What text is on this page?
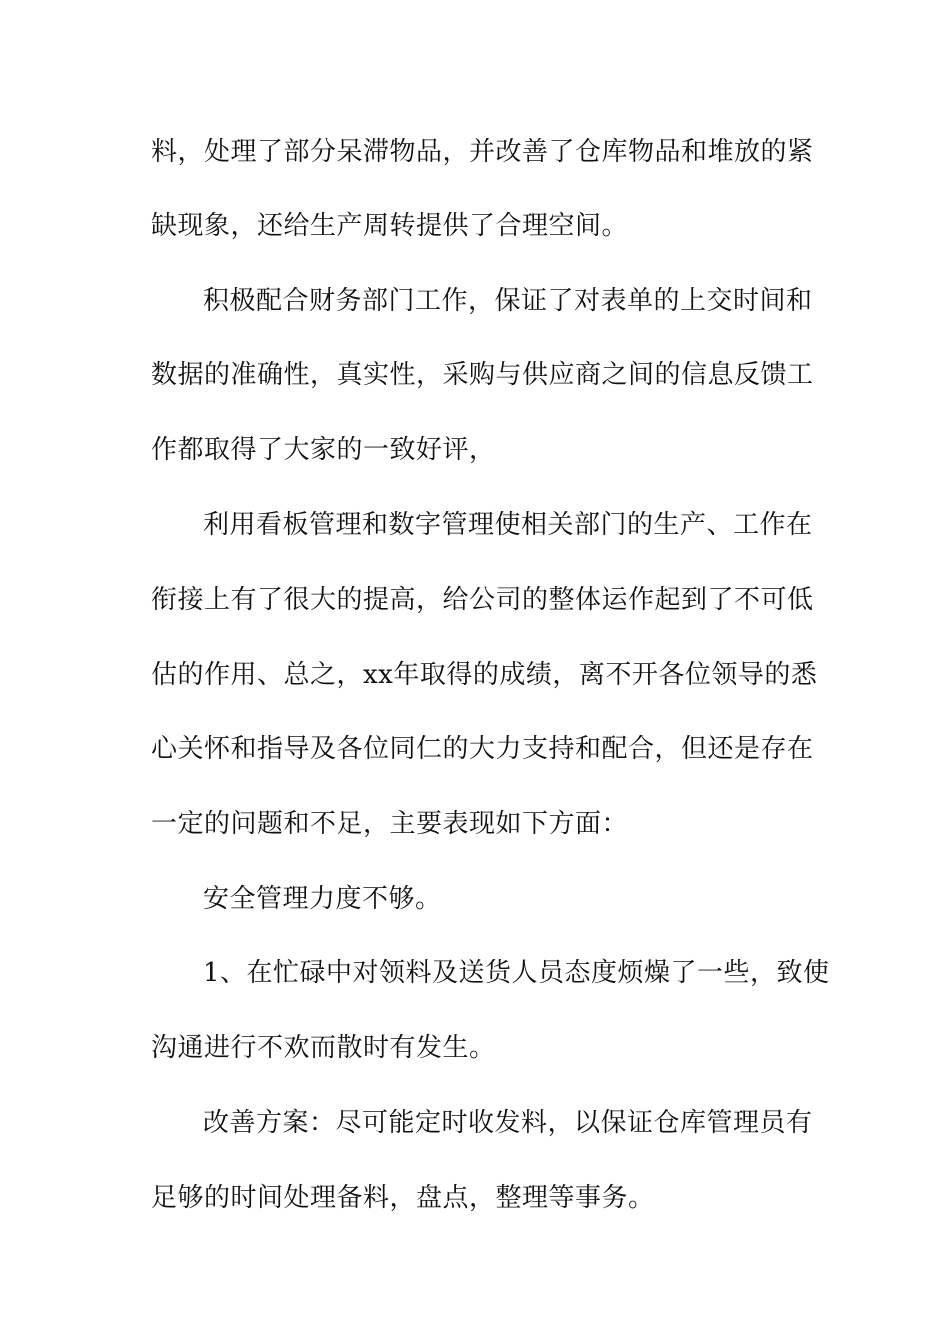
料，处理了部分呆滞物品，并改善了仓库物品和堆放的紧
缺现象，还给生产周转提供了合理空间。
积极配合财务部门工作，保证了对表单的上交时间和
数据的准确性，真实性，采购与供应商之间的信息反馈工
作都取得了大家的一致好评，
利用看板管理和数字管理使相关部门的生产、工作在
衔接上有了很大的提高，给公司的整体运作起到了不可低
估的作用、总之，xx年取得的成绩，离不开各位领导的悉
心关怀和指导及各位同仁的大力支持和配合，但还是存在
一定的问题和不足，主要表现如下方面：
安全管理力度不够。
1、在忙碌中对领料及送货人员态度烦燥了一些，致使
沟通进行不欢而散时有发生。
改善方案：尽可能定时收发料，以保证仓库管理员有
足够的时间处理备料，盘点，整理等事务。
